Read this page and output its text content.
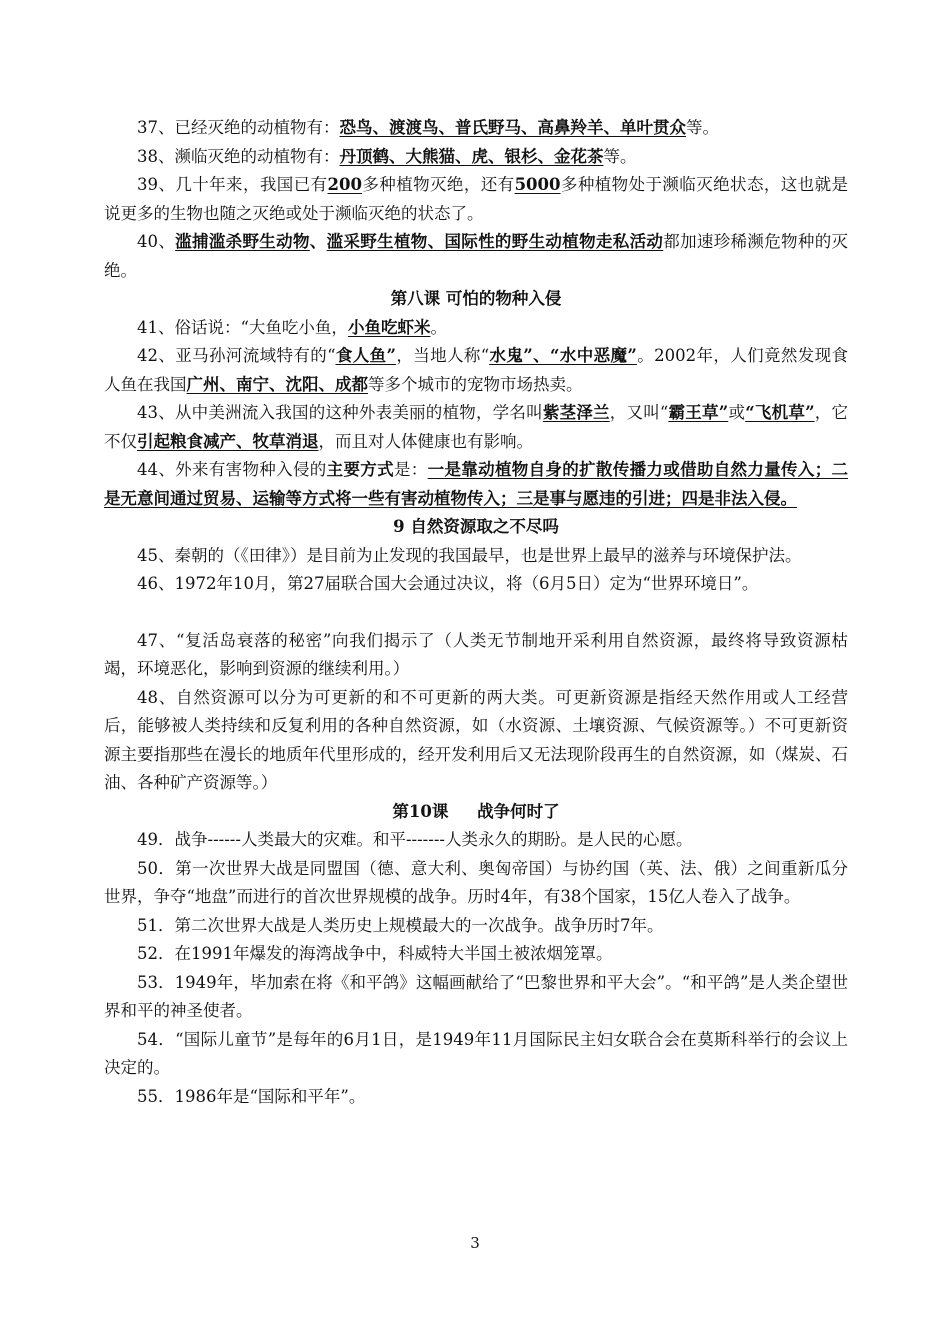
37、已经灭绝的动植物有：恐鸟、渡渡鸟、普氏野马、高鼻羚羊、单叶贯众等。

38、濒临灭绝的动植物有：丹顶鹤、大熊猫、虎、银杉、金花茶等。

39、几十年来，我国已有200多种植物灭绝，还有5000多种植物处于濒临灭绝状态，这也就是说更多的生物也随之灭绝或处于濒临灭绝的状态了。

40、滥捕滥杀野生动物、滥采野生植物、国际性的野生动植物走私活动都加速珍稀濒危物种的灭绝。

第八课 可怕的物种入侵

41、俗话说：“大鱼吃小鱼，小鱼吃虾米。

42、亚马孙河流域特有的“食人鱼”，当地人称“水鬼”、“水中恶魔”。2002年，人们竟然发现食人鱼在我国广州、南宁、沈阳、成都等多个城市的宠物市场热卖。

43、从中美洲流入我国的这种外表美丽的植物，学名叫紫茎泽兰，又叫“霸王草”或“飞机草”，它不仅引起粮食减产、牧草消退，而且对人体健康也有影响。

44、外来有害物种入侵的主要方式是：一是靠动植物自身的扩散传播力或借助自然力量传入；二是无意间通过贸易、运输等方式将一些有害动植物传入；三是事与愿违的引进；四是非法入侵。

9 自然资源取之不尽吗

45、秦朝的（《田律》）是目前为止发现的我国最早，也是世界上最早的滋养与环境保护法。

46、1972年10月，第27届联合国大会通过决议，将（6月5日）定为“世界环境日”。

47、“复活岛衰落的秘密”向我们揭示了（人类无节制地开采利用自然资源，最终将导致资源枯竭，环境恶化，影响到资源的继续利用。）

48、自然资源可以分为可更新的和不可更新的两大类。可更新资源是指经天然作用或人工经营后，能够被人类持续和反复利用的各种自然资源，如（水资源、土壤资源、气候资源等。）不可更新资源主要指那些在漫长的地质年代里形成的，经开发利用后又无法现阶段再生的自然资源，如（煤炭、石油、各种矿产资源等。）

第10课     战争何时了

49．战争------人类最大的灾难。和平-------人类永久的期盼。是人民的心愿。

50．第一次世界大战是同盟国（德、意大利、奥匈帝国）与协约国（英、法、俄）之间重新瓜分世界，争夺“地盘”而进行的首次世界规模的战争。历时4年，有38个国家，15亿人卷入了战争。

51．第二次世界大战是人类历史上规模最大的一次战争。战争历时7年。

52．在1991年爆发的海湾战争中，科威特大半国土被浓烟笼罩。

53．1949年，毕加索在将《和平鸽》这幅画献给了“巴黎世界和平大会”。“和平鸽”是人类企望世界和平的神圣使者。

54．“国际儿童节”是每年的6月1日，是1949年11月国际民主妇女联合会在莫斯科举行的会议上决定的。

55．1986年是“国际和平年”。

3
